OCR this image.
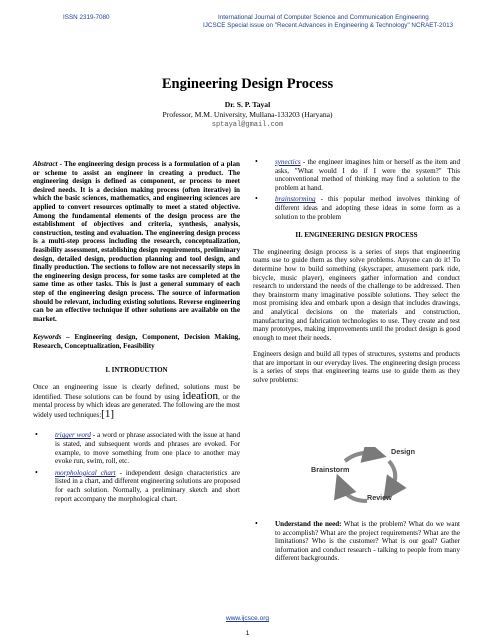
ISSN 2319-7080	International Journal of Computer Science and Communication Engineering
IJCSCE Special issue on "Recent Advances in Engineering & Technology" NCRAET-2013
Engineering Design Process
Dr. S. P. Tayal
Professor, M.M. University, Mullana-133203 (Haryana)
sptayal@gmail.com

Abstract - The engineering design process is a formulation of a plan or scheme to assist an engineer in creating a product. The engineering design is defined as component, or process to meet desired needs. It is a decision making process (often iterative) in which the basic sciences, mathematics, and engineering sciences are applied to convert resources optimally to meet a stated objective. Among the fundamental elements of the design process are the establishment of objectives and criteria, synthesis, analysis, construction, testing and evaluation. The engineering design process is a multi-step process including the research, conceptualization, feasibility assessment, establishing design requirements, preliminary design, detailed design, production planning and tool design, and finally production. The sections to follow are not necessarily steps in the engineering design process, for some tasks are completed at the same time as other tasks. This is just a general summary of each step of the engineering design process. The source of information should be relevant, including existing solutions. Reverse engineering can be an effective technique if other solutions are available on the market.

Keywords – Engineering design, Component, Decision Making, Research, Conceptualization, Feasibility

I. INTRODUCTION

Once an engineering issue is clearly defined, solutions must be identified. These solutions can be found by using ideation, or the mental process by which ideas are generated. The following are the most widely used techniques:[1]

• trigger word - a word or phrase associated with the issue at hand is stated, and subsequent words and phrases are evoked. For example, to move something from one place to another may evoke run, swim, roll, etc.
• morphological chart - independent design characteristics are listed in a chart, and different engineering solutions are proposed for each solution. Normally, a preliminary sketch and short report accompany the morphological chart.
• synectics - the engineer imagines him or herself as the item and asks, "What would I do if I were the system?" This unconventional method of thinking may find a solution to the problem at hand.
• brainstorming - this popular method involves thinking of different ideas and adopting these ideas in some form as a solution to the problem
II. ENGINEERING DESIGN PROCESS

The engineering design process is a series of steps that engineering teams use to guide them as they solve problems. Anyone can do it! To determine how to build something (skyscraper, amusement park ride, bicycle, music player), engineers gather information and conduct research to understand the needs of the challenge to be addressed. Then they brainstorm many imaginative possible solutions. They select the most promising idea and embark upon a design that includes drawings, and analytical decisions on the materials and construction, manufacturing and fabrication technologies to use. They create and test many prototypes, making improvements until the product design is good enough to meet their needs.

Engineers design and build all types of structures, systems and products that are important in our everyday lives. The engineering design process is a series of steps that engineering teams use to guide them as they solve problems:

Design
Brainstorm
Review
• Understand the need: What is the problem? What do we want to accomplish? What are the project requirements? What are the limitations? Who is the customer? What is our goal? Gather information and conduct research - talking to people from many different backgrounds.
www.ijcsce.org
1
